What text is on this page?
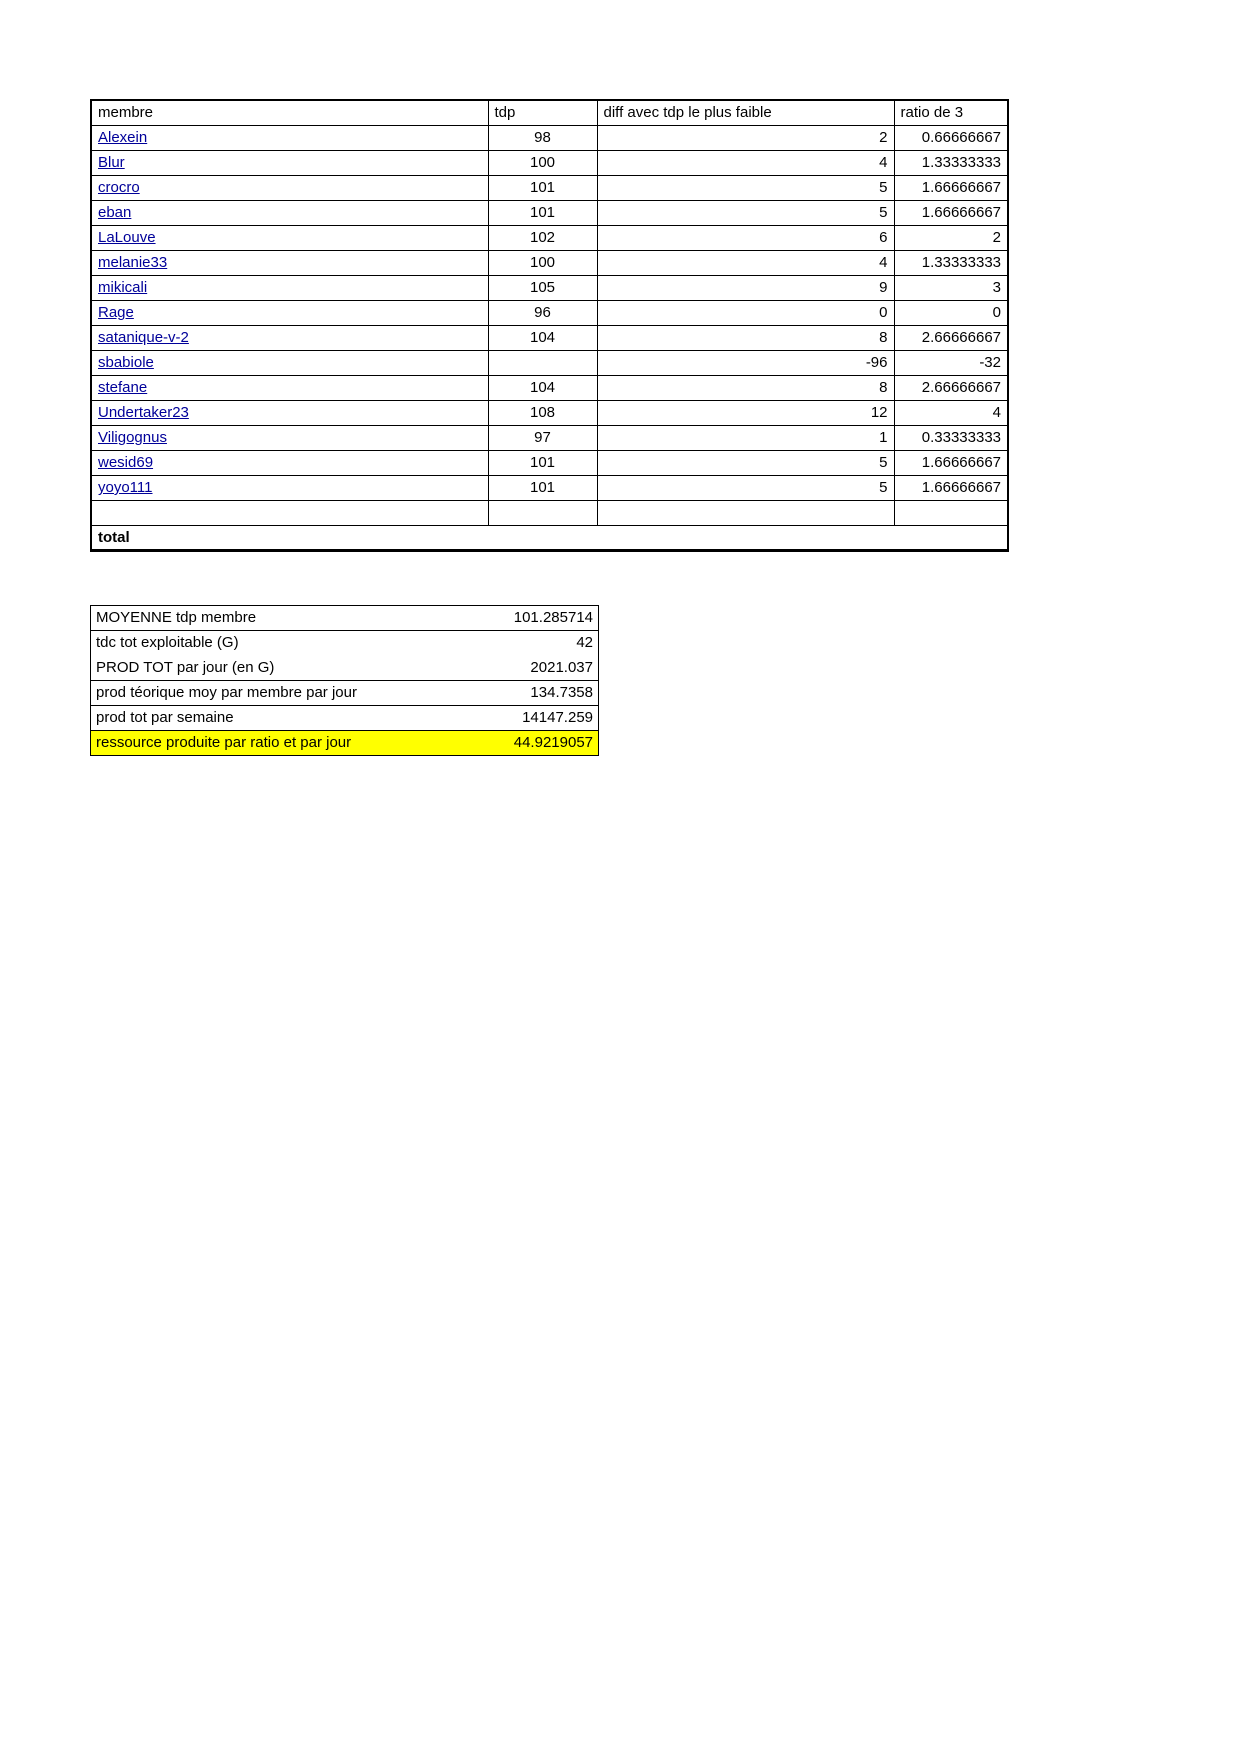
membre	tdp	diff avec tdp le plus faible	ratio de 3
Alexein	98	2	0.66666667
Blur	100	4	1.33333333
crocro	101	5	1.66666667
eban	101	5	1.66666667
LaLouve	102	6	2
melanie33	100	4	1.33333333
mikicali	105	9	3
Rage	96	0	0
satanique-v-2	104	8	2.66666667
sbabiole		-96	-32
stefane	104	8	2.66666667
Undertaker23	108	12	4
Viligognus	97	1	0.33333333
wesid69	101	5	1.66666667
yoyo111	101	5	1.66666667

total			
MOYENNE tdp membre	101.285714
tdc tot exploitable (G)	42
PROD TOT par jour (en G)	2021.037
prod téorique moy par membre par jour	134.7358
prod tot par semaine	14147.259
ressource produite par ratio et par jour	44.9219057
